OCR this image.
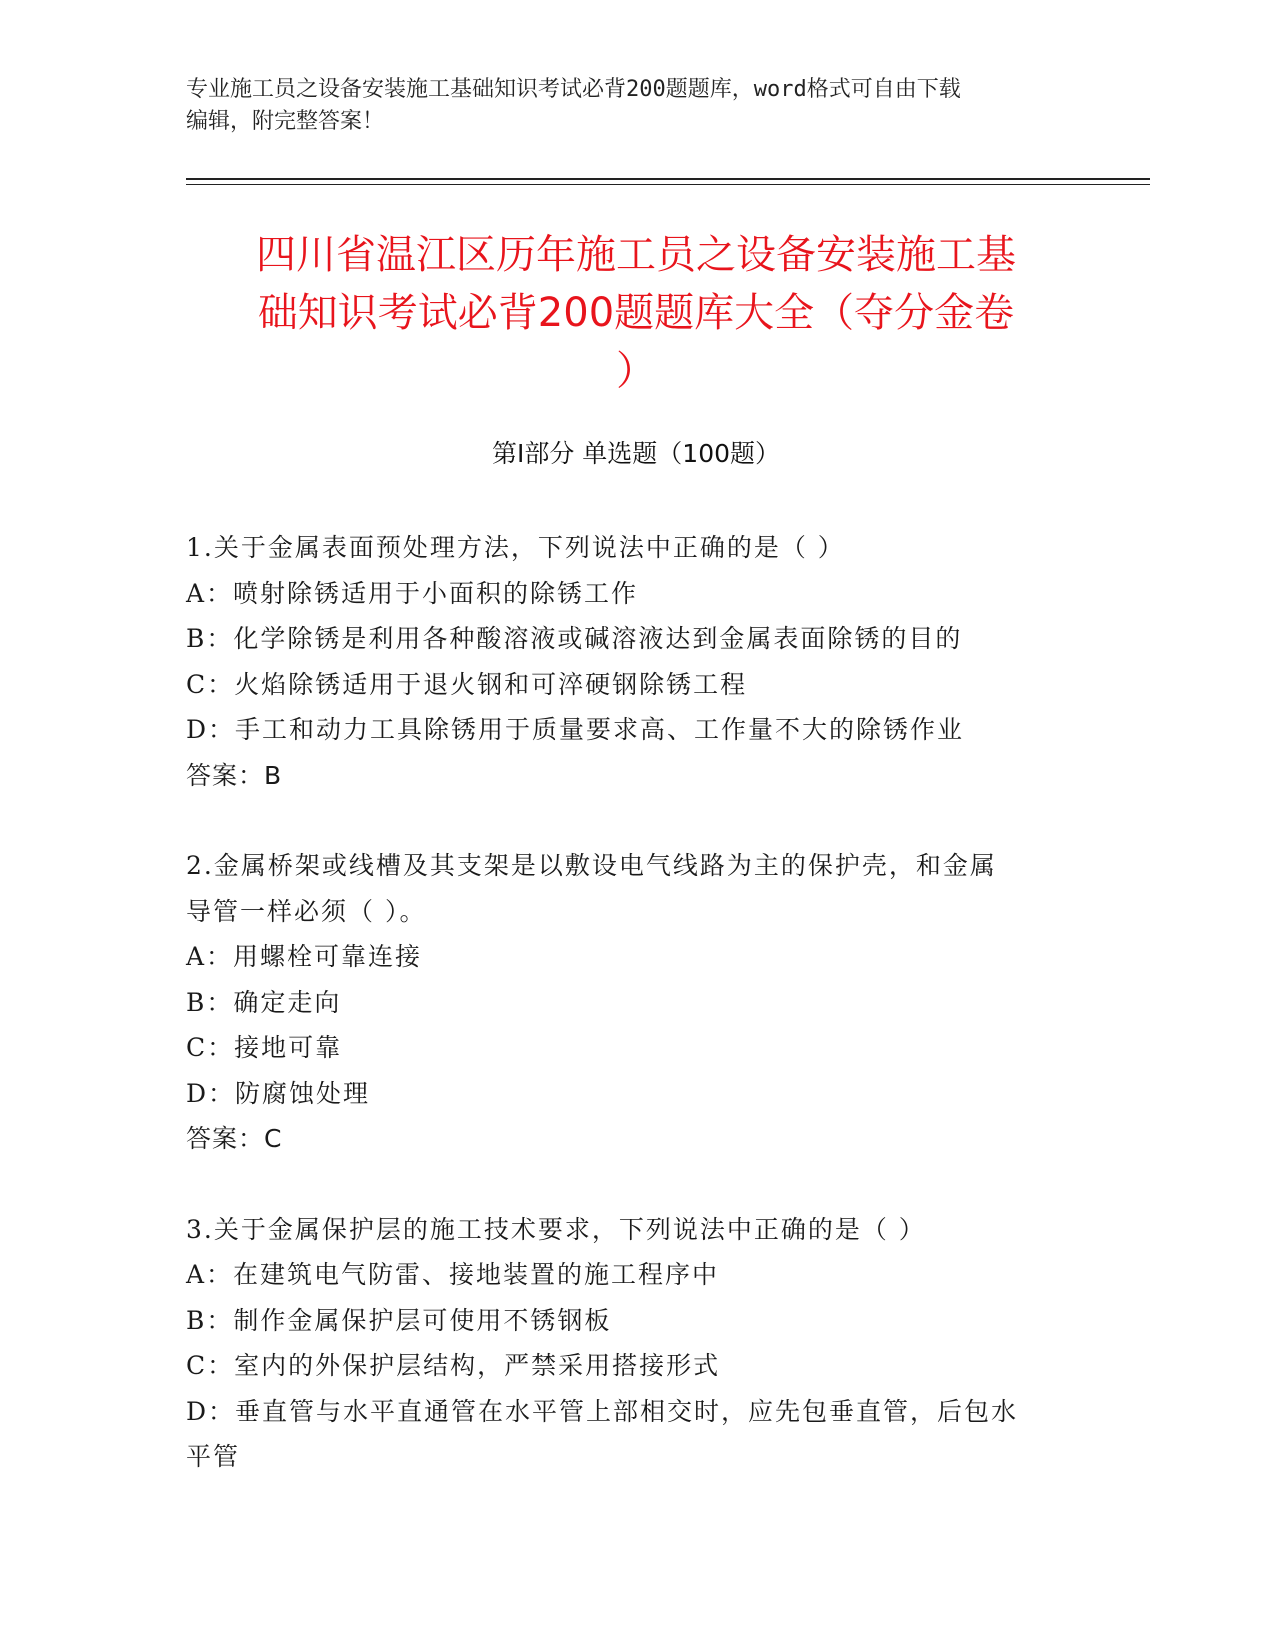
专业施工员之设备安装施工基础知识考试必背200题题库，word格式可自由下载
编辑，附完整答案！
四川省温江区历年施工员之设备安装施工基
础知识考试必背200题题库大全（夺分金卷
）
第Ⅰ部分 单选题（100题）
1.关于金属表面预处理方法，下列说法中正确的是（ ）
A：喷射除锈适用于小面积的除锈工作
B：化学除锈是利用各种酸溶液或碱溶液达到金属表面除锈的目的
C：火焰除锈适用于退火钢和可淬硬钢除锈工程
D：手工和动力工具除锈用于质量要求高、工作量不大的除锈作业
答案：B
2.金属桥架或线槽及其支架是以敷设电气线路为主的保护壳，和金属
导管一样必须（ ）。
A：用螺栓可靠连接
B：确定走向
C：接地可靠
D：防腐蚀处理
答案：C
3.关于金属保护层的施工技术要求，下列说法中正确的是（ ）
A：在建筑电气防雷、接地装置的施工程序中
B：制作金属保护层可使用不锈钢板
C：室内的外保护层结构，严禁采用搭接形式
D：垂直管与水平直通管在水平管上部相交时，应先包垂直管，后包水
平管
